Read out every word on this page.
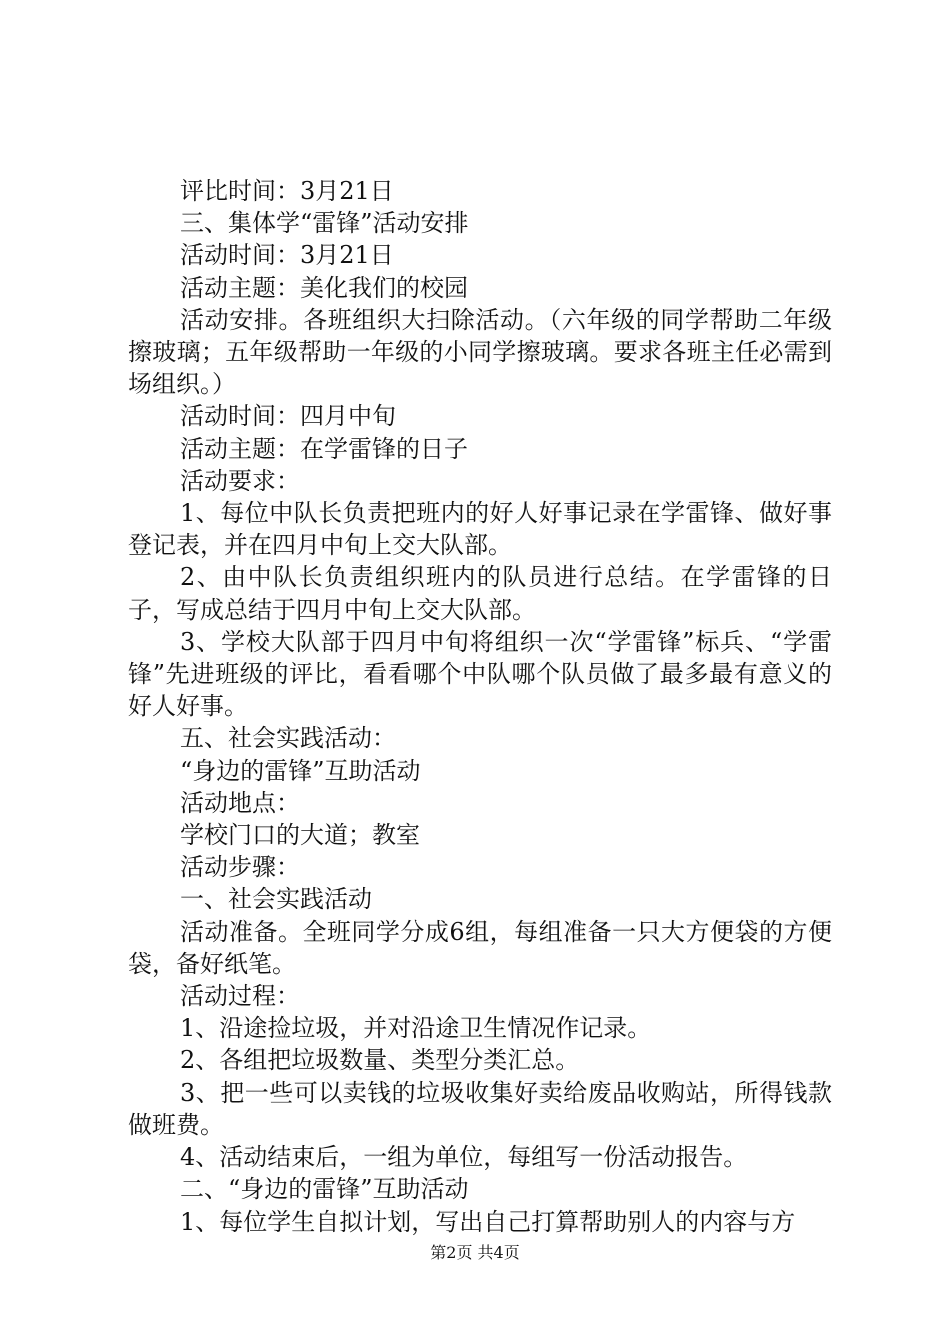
评比时间：3月21日

三、集体学“雷锋”活动安排

活动时间：3月21日

活动主题：美化我们的校园

活动安排。各班组织大扫除活动。（六年级的同学帮助二年级擦玻璃；五年级帮助一年级的小同学擦玻璃。要求各班主任必需到场组织。）

活动时间：四月中旬

活动主题：在学雷锋的日子

活动要求：

1、每位中队长负责把班内的好人好事记录在学雷锋、做好事登记表，并在四月中旬上交大队部。

2、由中队长负责组织班内的队员进行总结。在学雷锋的日子，写成总结于四月中旬上交大队部。

3、学校大队部于四月中旬将组织一次“学雷锋”标兵、“学雷锋”先进班级的评比，看看哪个中队哪个队员做了最多最有意义的好人好事。

五、社会实践活动：

“身边的雷锋”互助活动

活动地点：

学校门口的大道；教室

活动步骤：

一、社会实践活动

活动准备。全班同学分成6组，每组准备一只大方便袋的方便袋，备好纸笔。

活动过程：

1、沿途捡垃圾，并对沿途卫生情况作记录。

2、各组把垃圾数量、类型分类汇总。

3、把一些可以卖钱的垃圾收集好卖给废品收购站，所得钱款做班费。

4、活动结束后，一组为单位，每组写一份活动报告。

二、“身边的雷锋”互助活动

1、每位学生自拟计划，写出自己打算帮助别人的内容与方

第2页 共4页
